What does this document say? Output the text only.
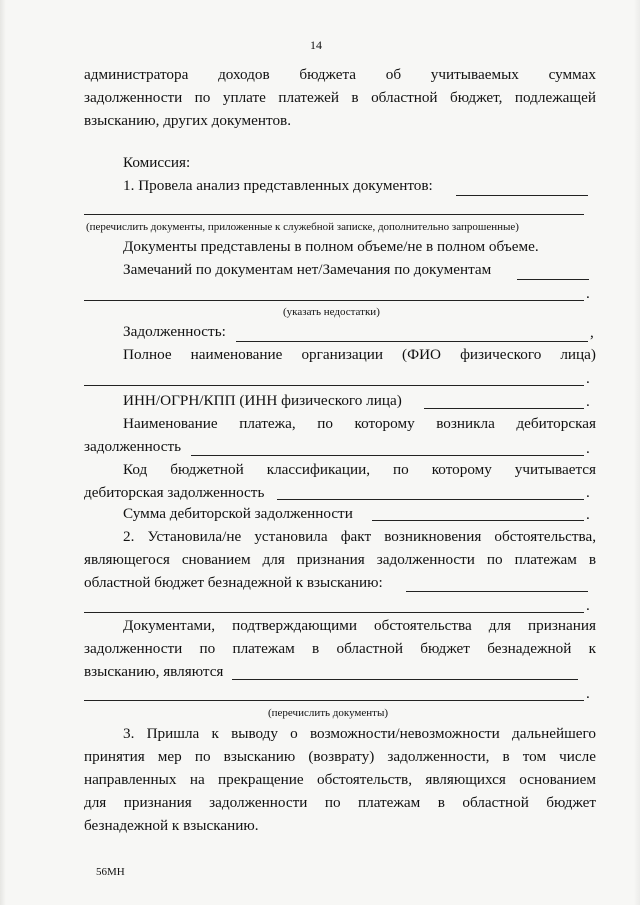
14
администратора доходов бюджета об учитываемых суммах
задолженности по уплате платежей в областной бюджет, подлежащей
взысканию, других документов.
Комиссия:
1. Провела анализ представленных документов:
(перечислить документы, приложенные к служебной записке, дополнительно запрошенные)
Документы представлены в полном объеме/не в полном объеме.
Замечаний по документам нет/Замечания по документам
.
(указать недостатки)
Задолженность:	,
Полное наименование организации (ФИО физического лица)
.
ИНН/ОГРН/КПП (ИНН физического лица)	.
Наименование платежа, по которому возникла дебиторская
задолженность	.
Код бюджетной классификации, по которому учитывается
дебиторская задолженность	.
Сумма дебиторской задолженности	.
2. Установила/не установила факт возникновения обстоятельства,
являющегося снованием для признания задолженности по платежам в
областной бюджет безнадежной к взысканию:
.
Документами, подтверждающими обстоятельства для признания
задолженности по платежам в областной бюджет безнадежной к
взысканию, являются
.
(перечислить документы)
3. Пришла к выводу о возможности/невозможности дальнейшего
принятия мер по взысканию (возврату) задолженности, в том числе
направленных на прекращение обстоятельств, являющихся основанием
для признания задолженности по платежам в областной бюджет
безнадежной к взысканию.
56МН
